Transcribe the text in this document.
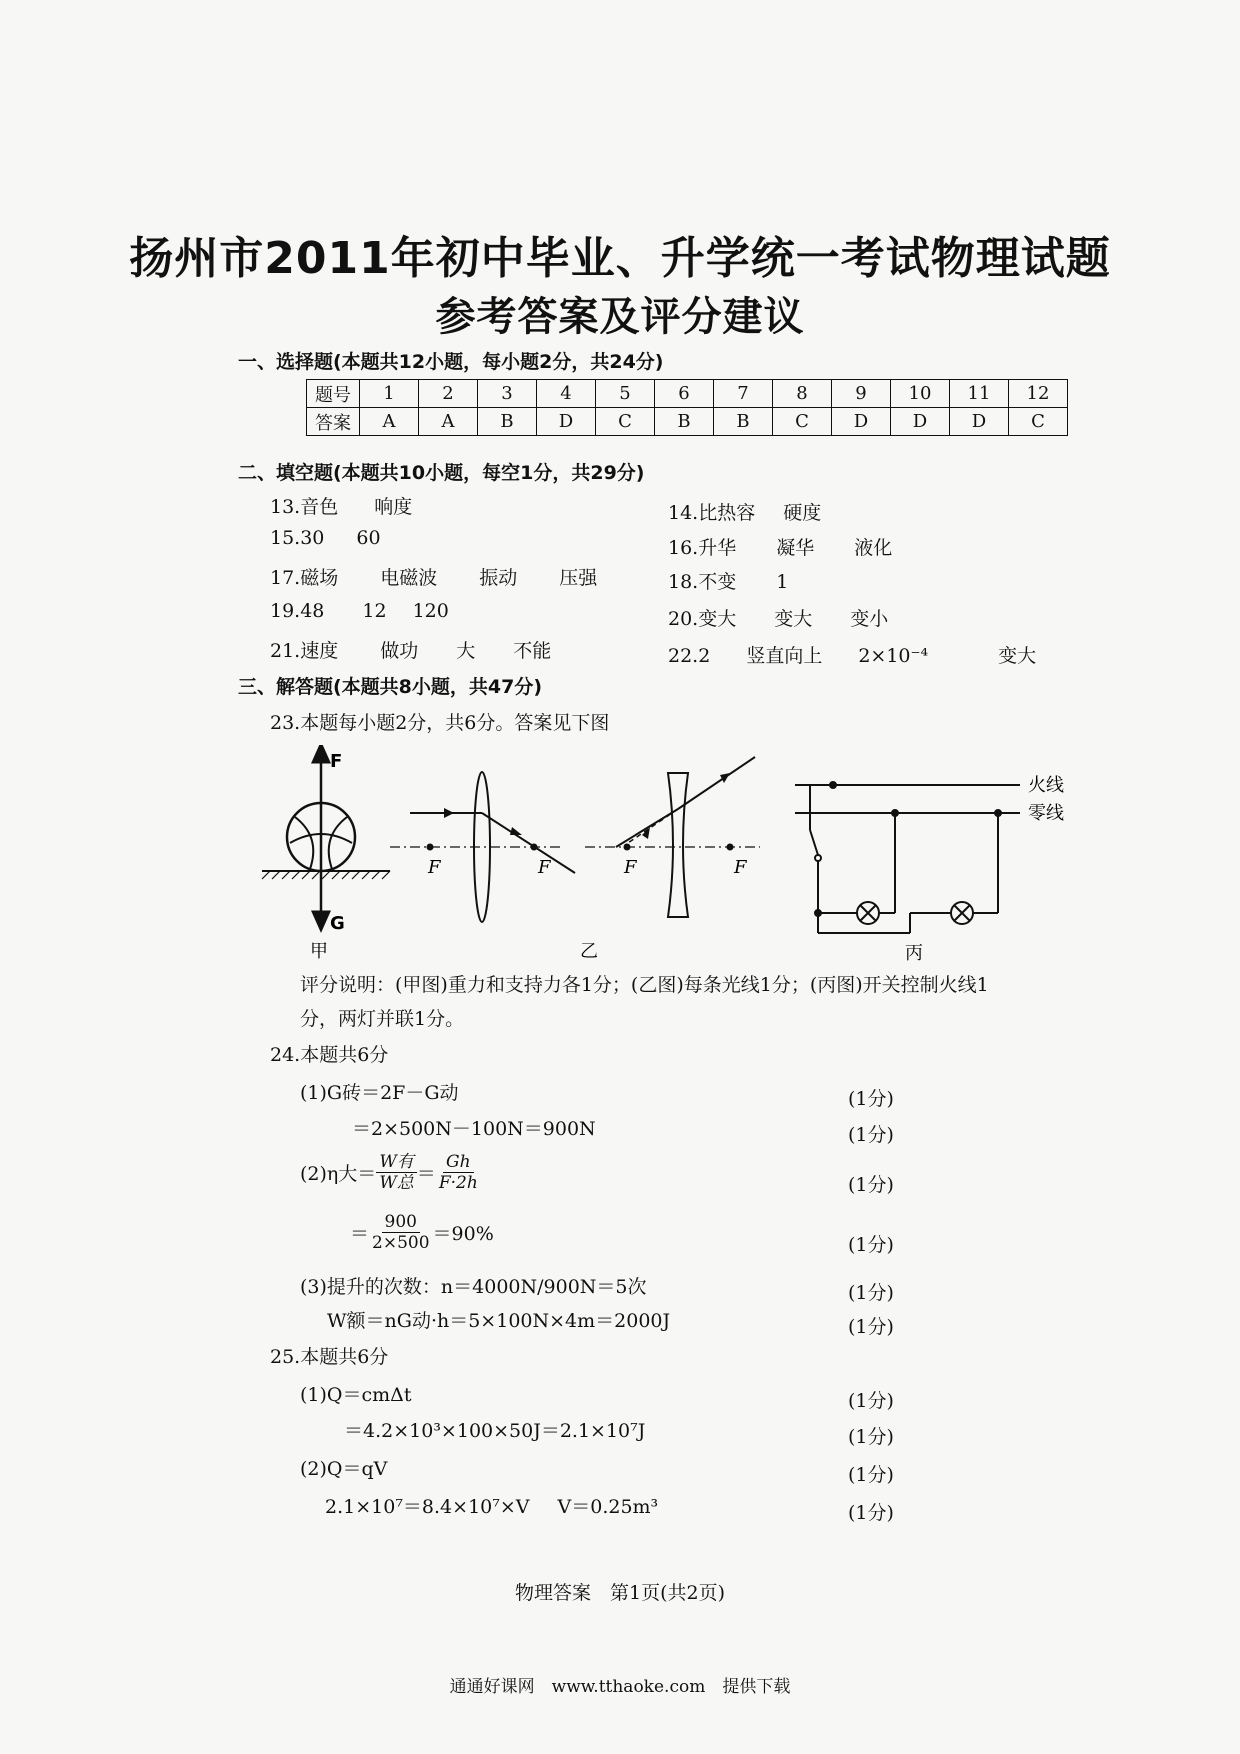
扬州市2011年初中毕业、升学统一考试物理试题
参考答案及评分建议
一、选择题(本题共12小题，每小题2分，共24分)
题号	1	2	3	4	5	6	7	8	9	10	11	12
答案	A	A	B	D	C	B	B	C	D	D	D	C
二、填空题(本题共10小题，每空1分，共29分)
13.音色 响度	14.比热容 硬度
15.30 60	16.升华 凝华 液化
17.磁场 电磁波 振动 压强	18.不变 1
19.48 12 120	20.变大 变大 变小
21.速度 做功 大 不能	22.2 竖直向上 2×10⁻⁴	变大
三、解答题(本题共8小题，共47分)
23.本题每小题2分，共6分。答案见下图
F
G
F	F	F	F
火线
零线
甲	乙	丙
评分说明：(甲图)重力和支持力各1分；(乙图)每条光线1分；(丙图)开关控制火线1
分，两灯并联1分。
24.本题共6分
(1)G砖＝2F－G动	(1分)
＝2×500N－100N＝900N	(1分)
(2)η大＝ $\frac{\text{W有}}{\text{W总}} = \frac{Gh}{F\cdot 2h}$	(1分)
＝ $\frac{900}{2\times 500} =90\%$	(1分)
(3)提升的次数：n＝4000N/900N＝5次	(1分)
W额＝nG动·h＝5×100N×4m＝2000J	(1分)
25.本题共6分
(1)Q＝cmΔt	(1分)
＝4.2×10³×100×50J＝2.1×10⁷J	(1分)
(2)Q＝qV	(1分)
2.1×10⁷＝8.4×10⁷×V V＝0.25m³	(1分)
物理答案　第1页(共2页)
通通好课网　www.tthaoke.com　提供下载
